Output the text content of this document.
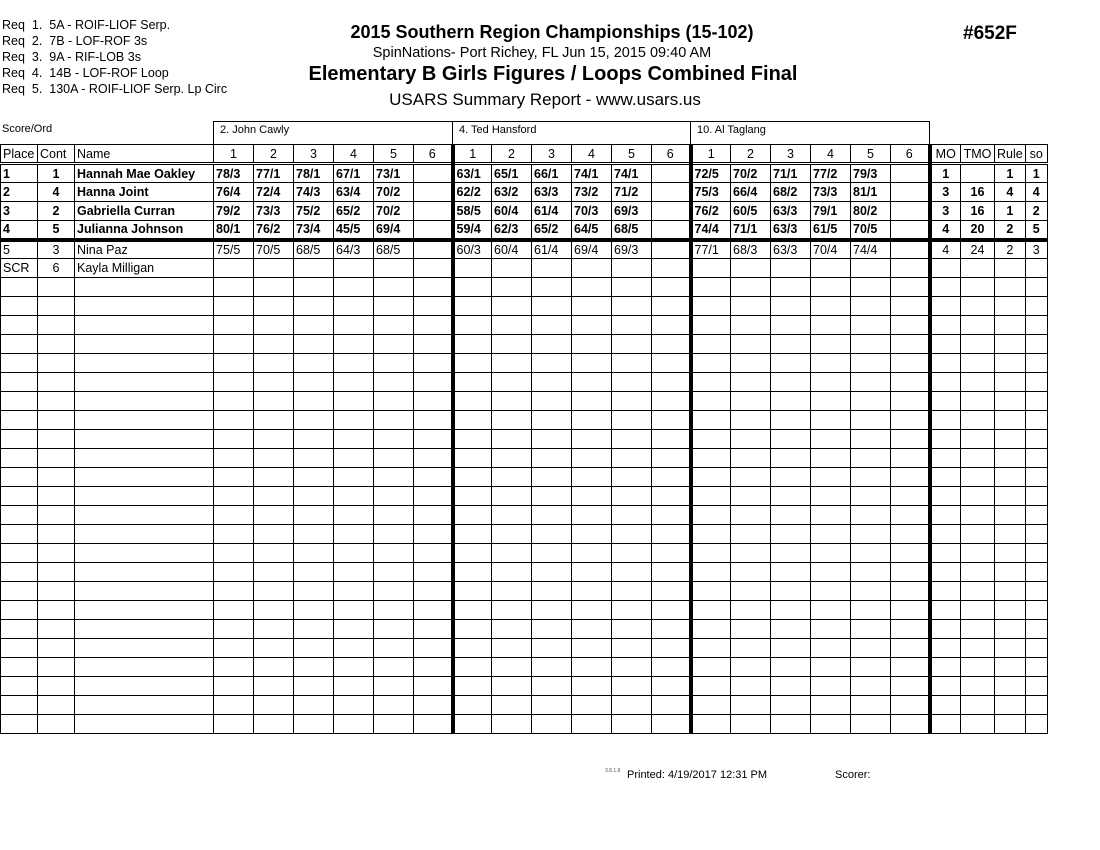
Req  1.  5A - ROIF-LIOF Serp.
Req  2.  7B - LOF-ROF 3s
Req  3.  9A - RIF-LOB 3s
Req  4.  14B - LOF-ROF Loop
Req  5.  130A - ROIF-LIOF Serp. Lp Circ
2015 Southern Region Championships (15-102)
SpinNations- Port Richey, FL Jun 15, 2015 09:40 AM
Elementary B Girls Figures / Loops Combined Final
USARS Summary Report - www.usars.us
#652F
Score/Ord	2. John Cawly	4. Ted Hansford	10. Al Taglang
Place	Cont	Name	1	2	3	4	5	6	1	2	3	4	5	6	1	2	3	4	5	6	MO	TMO	Rule	so
1	1	Hannah Mae Oakley	78/3	77/1	78/1	67/1	73/1		63/1	65/1	66/1	74/1	74/1		72/5	70/2	71/1	77/2	79/3		1		1	1
2	4	Hanna Joint	76/4	72/4	74/3	63/4	70/2		62/2	63/2	63/3	73/2	71/2		75/3	66/4	68/2	73/3	81/1		3	16	4	4
3	2	Gabriella Curran	79/2	73/3	75/2	65/2	70/2		58/5	60/4	61/4	70/3	69/3		76/2	60/5	63/3	79/1	80/2		3	16	1	2
4	5	Julianna Johnson	80/1	76/2	73/4	45/5	69/4		59/4	62/3	65/2	64/5	68/5		74/4	71/1	63/3	61/5	70/5		4	20	2	5
5	3	Nina Paz	75/5	70/5	68/5	64/3	68/5		60/3	60/4	61/4	69/4	69/3		77/1	68/3	63/3	70/4	74/4		4	24	2	3
SCR	6	Kayla Milligan																						

3.8.1.8 Printed: 4/19/2017 12:31 PM	Scorer:
